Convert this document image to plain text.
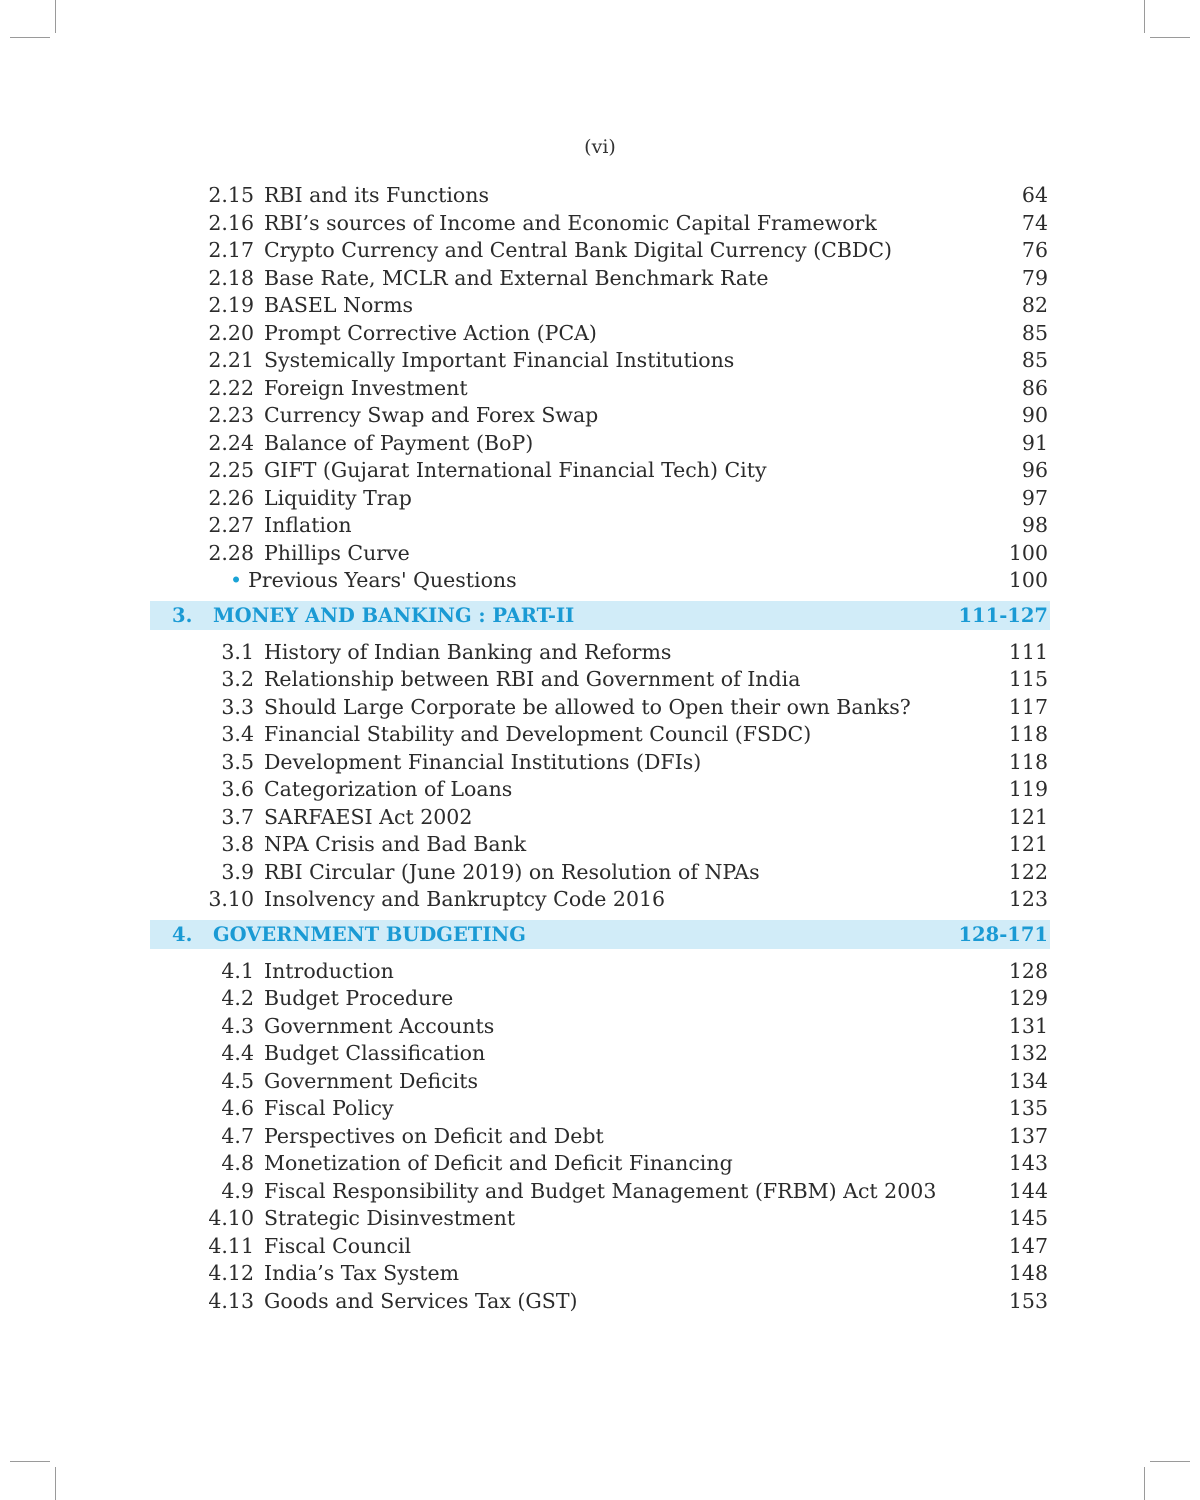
(vi)
2.15 RBI and its Functions	64
2.16 RBI’s sources of Income and Economic Capital Framework	74
2.17 Crypto Currency and Central Bank Digital Currency (CBDC)	76
2.18 Base Rate, MCLR and External Benchmark Rate	79
2.19 BASEL Norms	82
2.20 Prompt Corrective Action (PCA)	85
2.21 Systemically Important Financial Institutions	85
2.22 Foreign Investment	86
2.23 Currency Swap and Forex Swap	90
2.24 Balance of Payment (BoP)	91
2.25 GIFT (Gujarat International Financial Tech) City	96
2.26 Liquidity Trap	97
2.27 Inflation	98
2.28 Phillips Curve	100
• Previous Years' Questions	100
3. MONEY AND BANKING : PART-II	111-127
3.1 History of Indian Banking and Reforms	111
3.2 Relationship between RBI and Government of India	115
3.3 Should Large Corporate be allowed to Open their own Banks?	117
3.4 Financial Stability and Development Council (FSDC)	118
3.5 Development Financial Institutions (DFIs)	118
3.6 Categorization of Loans	119
3.7 SARFAESI Act 2002	121
3.8 NPA Crisis and Bad Bank	121
3.9 RBI Circular (June 2019) on Resolution of NPAs	122
3.10 Insolvency and Bankruptcy Code 2016	123
4. GOVERNMENT BUDGETING	128-171
4.1 Introduction	128
4.2 Budget Procedure	129
4.3 Government Accounts	131
4.4 Budget Classification	132
4.5 Government Deficits	134
4.6 Fiscal Policy	135
4.7 Perspectives on Deficit and Debt	137
4.8 Monetization of Deficit and Deficit Financing	143
4.9 Fiscal Responsibility and Budget Management (FRBM) Act 2003	144
4.10 Strategic Disinvestment	145
4.11 Fiscal Council	147
4.12 India’s Tax System	148
4.13 Goods and Services Tax (GST)	153
